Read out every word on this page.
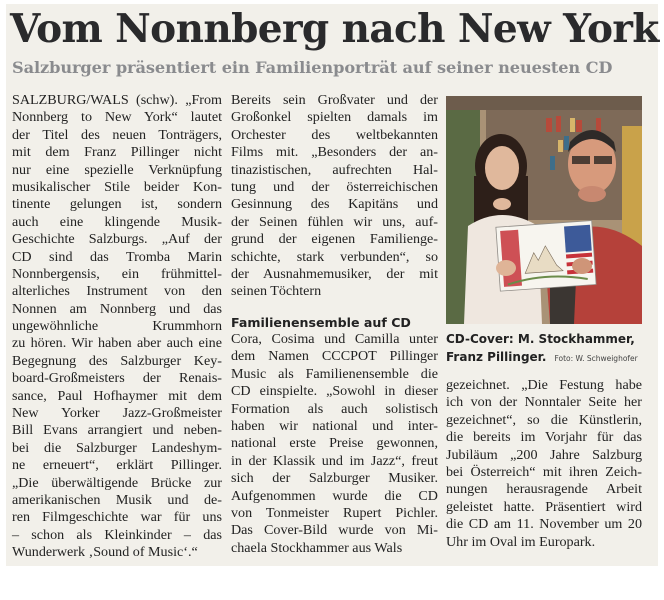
Vom Nonnberg nach New York
Salzburger präsentiert ein Familienporträt auf seiner neuesten CD
SALZBURG/WALS (schw). „From
Nonnberg to New York“ lautet
der Titel des neuen Tonträgers,
mit dem Franz Pillinger nicht
nur eine spezielle Verknüpfung
musikalischer Stile beider Kon-
tinente gelungen ist, sondern
auch eine klingende Musik-
Geschichte Salzburgs. „Auf der
CD sind das Tromba Marin
Nonnbergensis, ein frühmittel-
alterliches Instrument von den
Nonnen am Nonnberg und das
ungewöhnliche Krummhorn
zu hören. Wir haben aber auch eine
Begegnung des Salzburger Key-
board-Großmeisters der Renais-
sance, Paul Hofhaymer mit dem
New Yorker Jazz-Großmeister
Bill Evans arrangiert und neben-
bei die Salzburger Landeshym-
ne erneuert“, erklärt Pillinger.
„Die überwältigende Brücke zur
amerikanischen Musik und de-
ren Filmgeschichte war für uns
– schon als Kleinkinder – das
Wunderwerk ‚Sound of Music‘.“
Bereits sein Großvater und der
Großonkel spielten damals im
Orchester des weltbekannten
Films mit. „Besonders der an-
tinazistischen, aufrechten Hal-
tung und der österreichischen
Gesinnung des Kapitäns und
der Seinen fühlen wir uns, auf-
grund der eigenen Familienge-
schichte, stark verbunden“, so
der Ausnahmemusiker, der mit
seinen Töchtern
Familienensemble auf CD
Cora, Cosima und Camilla unter
dem Namen CCCPOT Pillinger
Music als Familienensemble die
CD einspielte. „Sowohl in dieser
Formation als auch solistisch
haben wir national und inter-
national erste Preise gewonnen,
in der Klassik und im Jazz“, freut
sich der Salzburger Musiker.
Aufgenommen wurde die CD
von Tonmeister Rupert Pichler.
Das Cover-Bild wurde von Mi-
chaela Stockhammer aus Wals
CD-Cover: M. Stockhammer,
Franz Pillinger. Foto: W. Schweighofer
gezeichnet. „Die Festung habe
ich von der Nonntaler Seite her
gezeichnet“, so die Künstlerin,
die bereits im Vorjahr für das
Jubiläum „200 Jahre Salzburg
bei Österreich“ mit ihren Zeich-
nungen herausragende Arbeit
geleistet hatte. Präsentiert wird
die CD am 11. November um 20
Uhr im Oval im Europark.
